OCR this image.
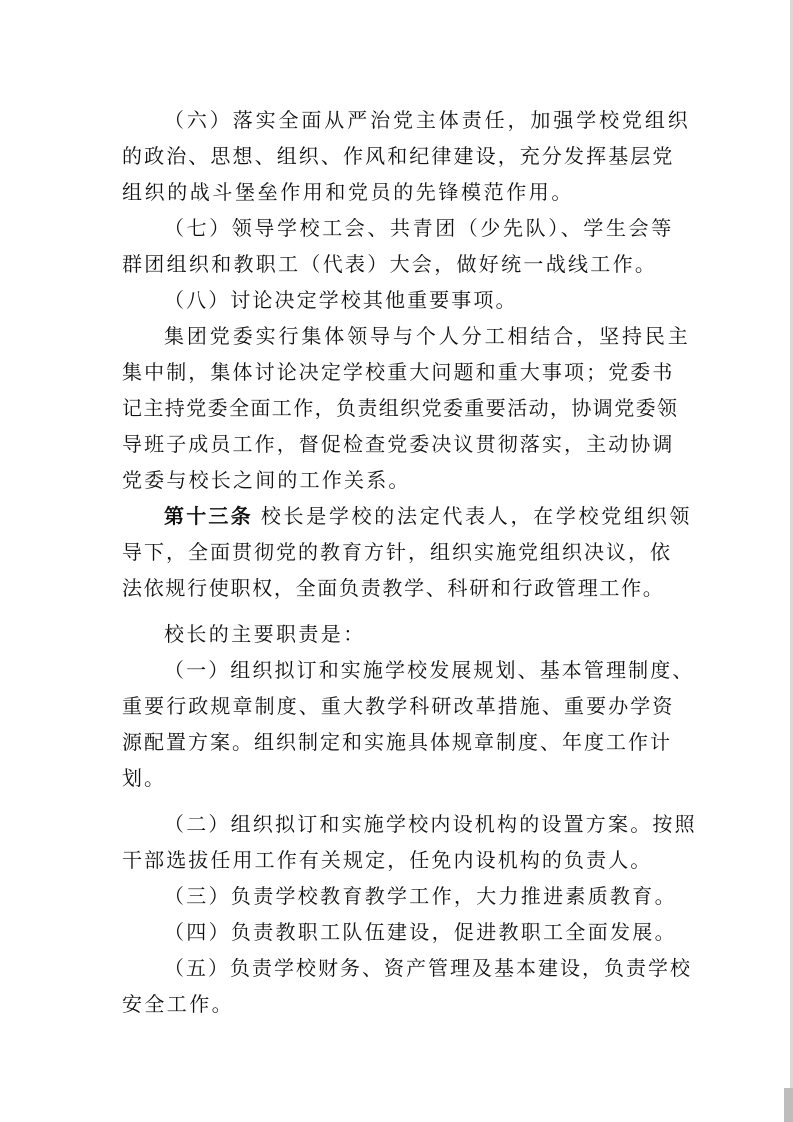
（六）落实全面从严治党主体责任，加强学校党组织
的政治、思想、组织、作风和纪律建设，充分发挥基层党
组织的战斗堡垒作用和党员的先锋模范作用。
（七）领导学校工会、共青团（少先队）、学生会等
群团组织和教职工（代表）大会，做好统一战线工作。
（八）讨论决定学校其他重要事项。
集团党委实行集体领导与个人分工相结合，坚持民主
集中制，集体讨论决定学校重大问题和重大事项；党委书
记主持党委全面工作，负责组织党委重要活动，协调党委领
导班子成员工作，督促检查党委决议贯彻落实，主动协调
党委与校长之间的工作关系。
第十三条 校长是学校的法定代表人，在学校党组织领
导下，全面贯彻党的教育方针，组织实施党组织决议，依
法依规行使职权，全面负责教学、科研和行政管理工作。
校长的主要职责是：
（一）组织拟订和实施学校发展规划、基本管理制度、
重要行政规章制度、重大教学科研改革措施、重要办学资
源配置方案。组织制定和实施具体规章制度、年度工作计
划。
（二）组织拟订和实施学校内设机构的设置方案。按照
干部选拔任用工作有关规定，任免内设机构的负责人。
（三）负责学校教育教学工作，大力推进素质教育。
（四）负责教职工队伍建设，促进教职工全面发展。
（五）负责学校财务、资产管理及基本建设，负责学校
安全工作。
